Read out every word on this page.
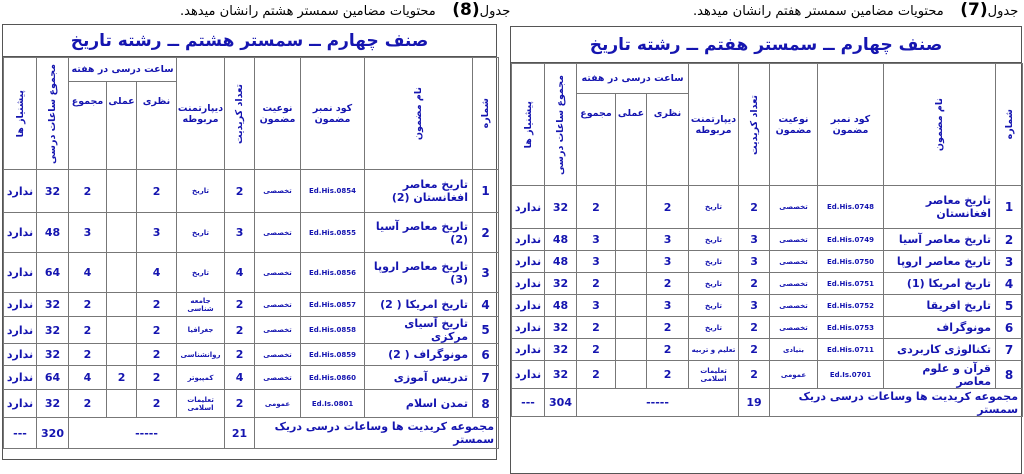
جدول(8)    محتویات مضامین سمستر هشتم رانشان میدهد.	جدول(7)    محتویات مضامین سمستر هفتم رانشان میدهد.
صنف چهارم ــ سمستر هشتم ــ رشته تاریخ
شماره	نام مضمون	کود نمبر مضمون	نوعیت مضمون	تعداد کریدیت	دیپارتمنت مربوطه	ساعت درسی در هفته			مجموع ساعات درسی	پیشنیاز ها

						نظری	عملی	مجموع		
1	تاریخ معاصر افغانستان (2)	Ed.His.0854	تخصصی	2	تاریخ	2		2	32	ندارد
2	تاریخ معاصر آسیا (2)	Ed.His.0855	تخصصی	3	تاریخ	3		3	48	ندارد
3	تاریخ معاصر اروپا (3)	Ed.His.0856	تخصصی	4	تاریخ	4		4	64	ندارد
4	تاریخ امریکا ( 2)	Ed.His.0857	تخصصی	2	جامعه شناسی	2		2	32	ندارد
5	تاریخ آسیای مرکزی	Ed.His.0858	تخصصی	2	جغرافیا	2		2	32	ندارد
6	مونوگراف ( 2)	Ed.His.0859	تخصصی	2	روانشناسی	2		2	32	ندارد
7	تدریس آموزی	Ed.His.0860	تخصصی	4	کمپیوتر	2	2	4	64	ندارد
8	تمدن اسلام	Ed.Is.0801	عمومی	2	تعلیمات اسلامی	2		2	32	ندارد
مجموعه کریدیت ها وساعات درسی دریک سمستر				21	-----				320	---
صنف چهارم ــ سمستر هفتم ــ رشته تاریخ
شماره	نام مضمون	کود نمبر مضمون	نوعیت مضمون	تعداد کریدیت	دیپارتمنت مربوطه	ساعت درسی در هفته			مجموع ساعات درسی	پیشنیاز ها

						نظری	عملی	مجموع		
1	تاریخ معاصر افغانستان	Ed.His.0748	تخصصی	2	تاریخ	2		2	32	ندارد
2	تاریخ معاصر آسیا	Ed.His.0749	تخصصی	3	تاریخ	3		3	48	ندارد
3	تاریخ معاصر اروپا	Ed.His.0750	تخصصی	3	تاریخ	3		3	48	ندارد
4	تاریخ امریکا (1)	Ed.His.0751	تخصصی	2	تاریخ	2		2	32	ندارد
5	تاریخ افریقا	Ed.His.0752	تخصصی	3	تاریخ	3		3	48	ندارد
6	مونوگراف	Ed.His.0753	تخصصی	2	تاریخ	2		2	32	ندارد
7	تکنالوژی کاربردی	Ed.His.0711	بنیادی	2	تعلیم و تربیه	2		2	32	ندارد
8	قرآن و علوم معاصر	Ed.Is.0701	عمومی	2	تعلیمات اسلامی	2		2	32	ندارد
مجموعه کریدیت ها وساعات درسی دریک سمستر				19	-----				304	---
